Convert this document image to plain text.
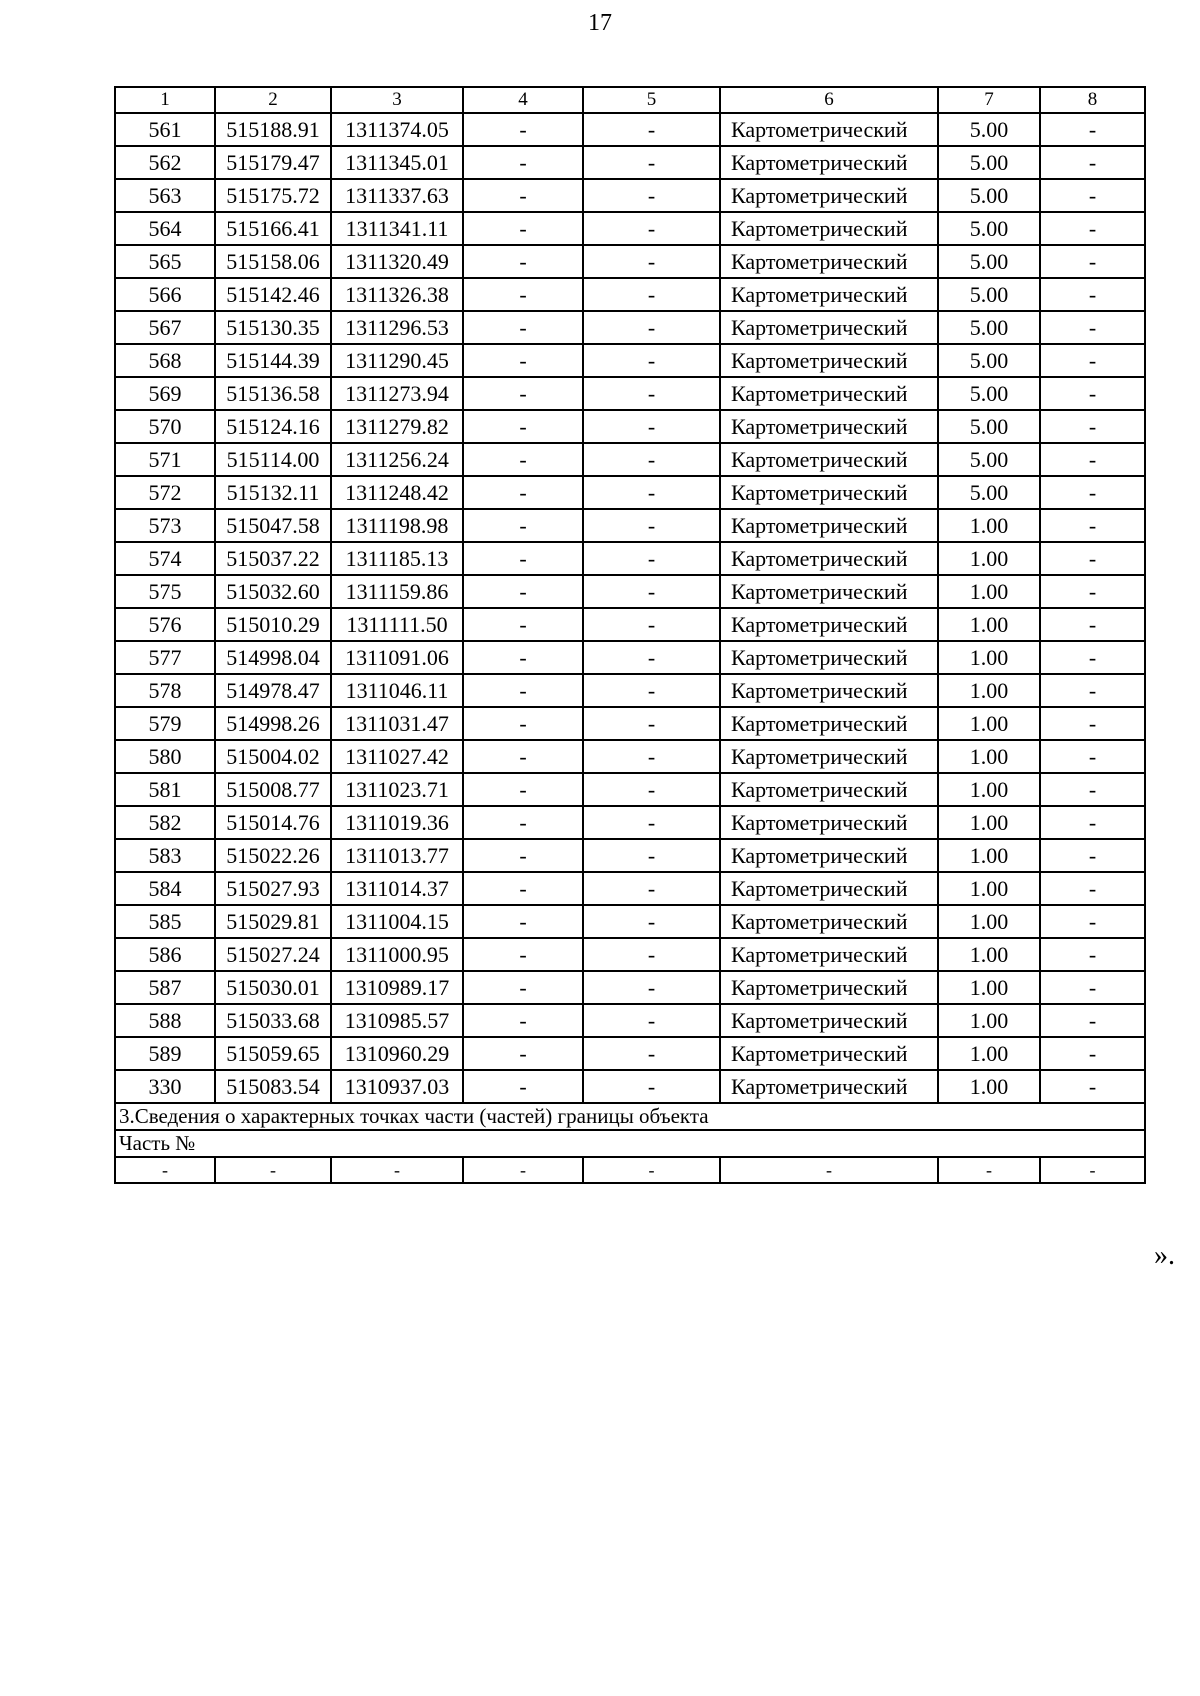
17
1	2	3	4	5	6	7	8
561	515188.91	1311374.05	-	-	Картометрический	5.00	-
562	515179.47	1311345.01	-	-	Картометрический	5.00	-
563	515175.72	1311337.63	-	-	Картометрический	5.00	-
564	515166.41	1311341.11	-	-	Картометрический	5.00	-
565	515158.06	1311320.49	-	-	Картометрический	5.00	-
566	515142.46	1311326.38	-	-	Картометрический	5.00	-
567	515130.35	1311296.53	-	-	Картометрический	5.00	-
568	515144.39	1311290.45	-	-	Картометрический	5.00	-
569	515136.58	1311273.94	-	-	Картометрический	5.00	-
570	515124.16	1311279.82	-	-	Картометрический	5.00	-
571	515114.00	1311256.24	-	-	Картометрический	5.00	-
572	515132.11	1311248.42	-	-	Картометрический	5.00	-
573	515047.58	1311198.98	-	-	Картометрический	1.00	-
574	515037.22	1311185.13	-	-	Картометрический	1.00	-
575	515032.60	1311159.86	-	-	Картометрический	1.00	-
576	515010.29	1311111.50	-	-	Картометрический	1.00	-
577	514998.04	1311091.06	-	-	Картометрический	1.00	-
578	514978.47	1311046.11	-	-	Картометрический	1.00	-
579	514998.26	1311031.47	-	-	Картометрический	1.00	-
580	515004.02	1311027.42	-	-	Картометрический	1.00	-
581	515008.77	1311023.71	-	-	Картометрический	1.00	-
582	515014.76	1311019.36	-	-	Картометрический	1.00	-
583	515022.26	1311013.77	-	-	Картометрический	1.00	-
584	515027.93	1311014.37	-	-	Картометрический	1.00	-
585	515029.81	1311004.15	-	-	Картометрический	1.00	-
586	515027.24	1311000.95	-	-	Картометрический	1.00	-
587	515030.01	1310989.17	-	-	Картометрический	1.00	-
588	515033.68	1310985.57	-	-	Картометрический	1.00	-
589	515059.65	1310960.29	-	-	Картометрический	1.00	-
330	515083.54	1310937.03	-	-	Картометрический	1.00	-
3.Сведения о характерных точках части (частей) границы объекта							
Часть №							
-	-	-	-	-	-	-	-
».
